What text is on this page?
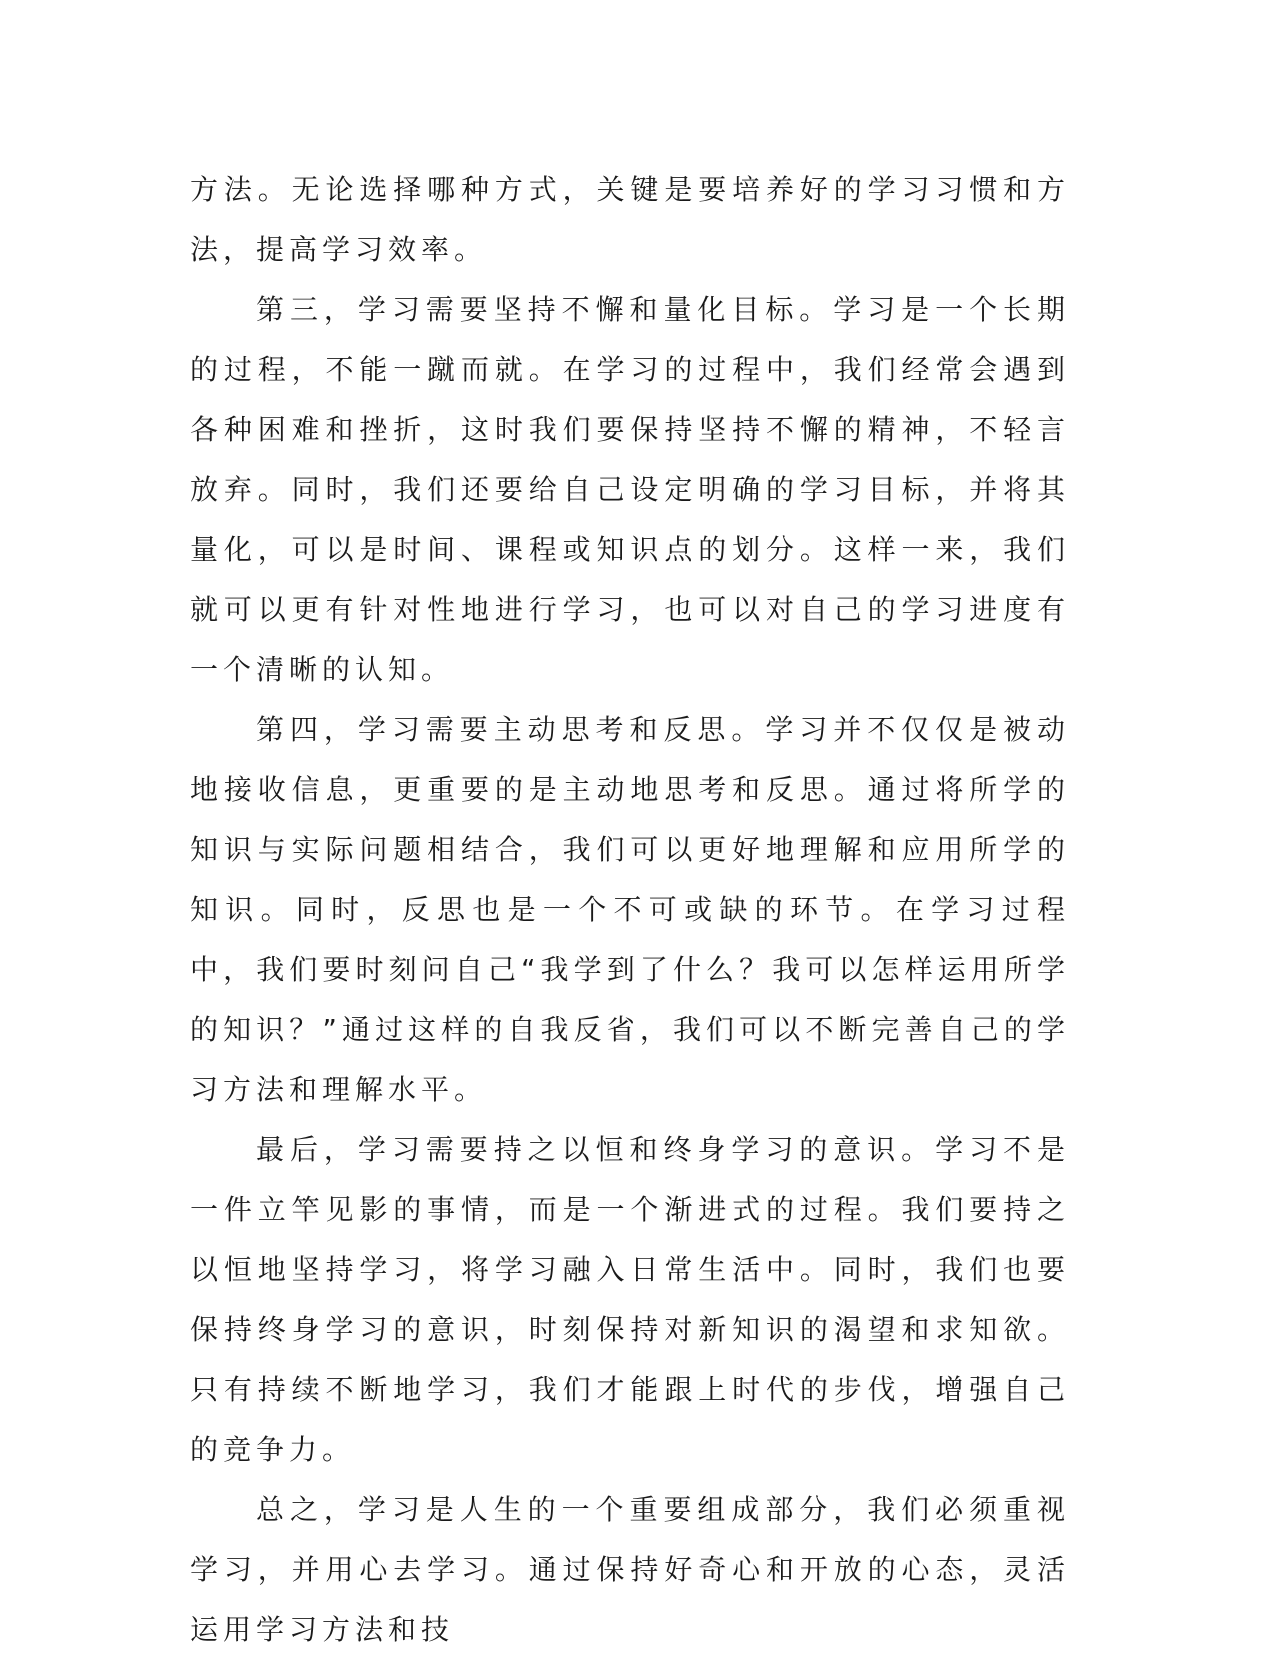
方法。无论选择哪种方式，关键是要培养好的学习习惯和方法，提高学习效率。

第三，学习需要坚持不懈和量化目标。学习是一个长期的过程，不能一蹴而就。在学习的过程中，我们经常会遇到各种困难和挫折，这时我们要保持坚持不懈的精神，不轻言放弃。同时，我们还要给自己设定明确的学习目标，并将其量化，可以是时间、课程或知识点的划分。这样一来，我们就可以更有针对性地进行学习，也可以对自己的学习进度有一个清晰的认知。

第四，学习需要主动思考和反思。学习并不仅仅是被动地接收信息，更重要的是主动地思考和反思。通过将所学的知识与实际问题相结合，我们可以更好地理解和应用所学的知识。同时，反思也是一个不可或缺的环节。在学习过程中，我们要时刻问自己“我学到了什么？我可以怎样运用所学的知识？”通过这样的自我反省，我们可以不断完善自己的学习方法和理解水平。

最后，学习需要持之以恒和终身学习的意识。学习不是一件立竿见影的事情，而是一个渐进式的过程。我们要持之以恒地坚持学习，将学习融入日常生活中。同时，我们也要保持终身学习的意识，时刻保持对新知识的渴望和求知欲。只有持续不断地学习，我们才能跟上时代的步伐，增强自己的竞争力。

总之，学习是人生的一个重要组成部分，我们必须重视学习，并用心去学习。通过保持好奇心和开放的心态，灵活运用学习方法和技
